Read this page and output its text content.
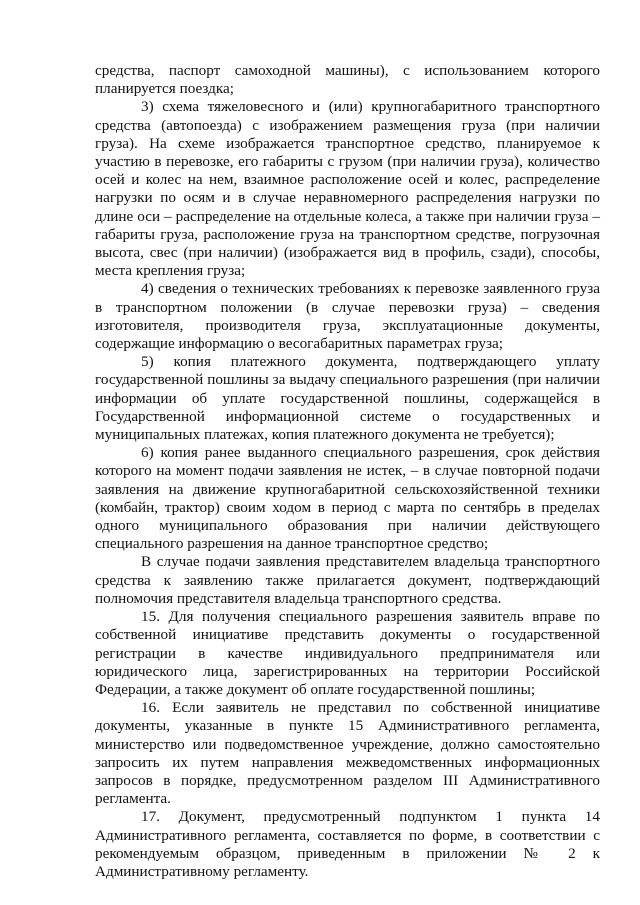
средства, паспорт самоходной машины), с использованием которого планируется поездка;

3) схема тяжеловесного и (или) крупногабаритного транспортного средства (автопоезда) с изображением размещения груза (при наличии груза). На схеме изображается транспортное средство, планируемое к участию в перевозке, его габариты с грузом (при наличии груза), количество осей и колес на нем, взаимное расположение осей и колес, распределение нагрузки по осям и в случае неравномерного распределения нагрузки по длине оси – распределение на отдельные колеса, а также при наличии груза – габариты груза, расположение груза на транспортном средстве, погрузочная высота, свес (при наличии) (изображается вид в профиль, сзади), способы, места крепления груза;

4) сведения о технических требованиях к перевозке заявленного груза в транспортном положении (в случае перевозки груза) – сведения изготовителя, производителя груза, эксплуатационные документы, содержащие информацию о весогабаритных параметрах груза;

5) копия платежного документа, подтверждающего уплату государственной пошлины за выдачу специального разрешения (при наличии информации об уплате государственной пошлины, содержащейся в Государственной информационной системе о государственных и муниципальных платежах, копия платежного документа не требуется);

6) копия ранее выданного специального разрешения, срок действия которого на момент подачи заявления не истек, – в случае повторной подачи заявления на движение крупногабаритной сельскохозяйственной техники (комбайн, трактор) своим ходом в период с марта по сентябрь в пределах одного муниципального образования при наличии действующего специального разрешения на данное транспортное средство;

В случае подачи заявления представителем владельца транспортного средства к заявлению также прилагается документ, подтверждающий полномочия представителя владельца транспортного средства.

15. Для получения специального разрешения заявитель вправе по собственной инициативе представить документы о государственной регистрации в качестве индивидуального предпринимателя или юридического лица, зарегистрированных на территории Российской Федерации, а также документ об оплате государственной пошлины;

16. Если заявитель не представил по собственной инициативе документы, указанные в пункте 15 Административного регламента, министерство или подведомственное учреждение, должно самостоятельно запросить их путем направления межведомственных информационных запросов в порядке, предусмотренном разделом III Административного регламента.

17. Документ, предусмотренный подпунктом 1 пункта 14 Административного регламента, составляется по форме, в соответствии с рекомендуемым образцом, приведенным в приложении № 2 к Административному регламенту.
